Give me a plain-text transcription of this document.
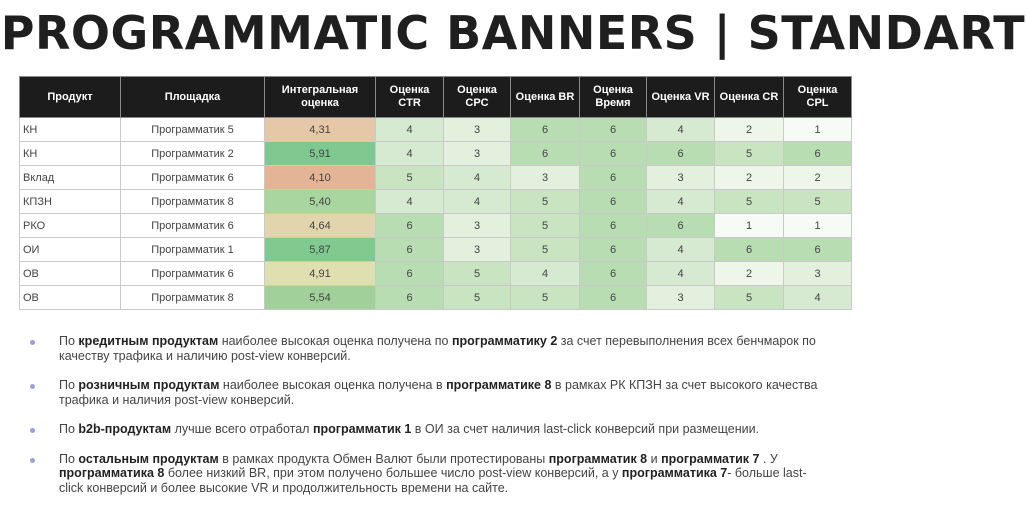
PROGRAMMATIC BANNERS | STANDART
Продукт	Площадка	Интегральная оценка	Оценка CTR	Оценка CPC	Оценка BR	Оценка Время	Оценка VR	Оценка CR	Оценка CPL
КН	Программатик 5	4,31	4	3	6	6	4	2	1
КН	Программатик 2	5,91	4	3	6	6	6	5	6
Вклад	Программатик 6	4,10	5	4	3	6	3	2	2
КПЗН	Программатик 8	5,40	4	4	5	6	4	5	5
РКО	Программатик 6	4,64	6	3	5	6	6	1	1
ОИ	Программатик 1	5,87	6	3	5	6	4	6	6
ОВ	Программатик 6	4,91	6	5	4	6	4	2	3
ОВ	Программатик 8	5,54	6	5	5	6	3	5	4
По кредитным продуктам наиболее высокая оценка получена по программатику 2 за счет перевыполнения всех бенчмарок по качеству трафика и наличию post-view конверсий.
По розничным продуктам наиболее высокая оценка получена в программатике 8 в рамках РК КПЗН за счет высокого качества трафика и наличия post-view конверсий.
По b2b-продуктам лучше всего отработал программатик 1 в ОИ за счет наличия last-click конверсий при размещении.
По остальным продуктам в рамках продукта Обмен Валют были протестированы программатик 8 и программатик 7 . У программатика 8 более низкий BR, при этом получено большее число post-view конверсий, а у программатика 7- больше last-click конверсий и более высокие VR и продолжительность времени на сайте.
